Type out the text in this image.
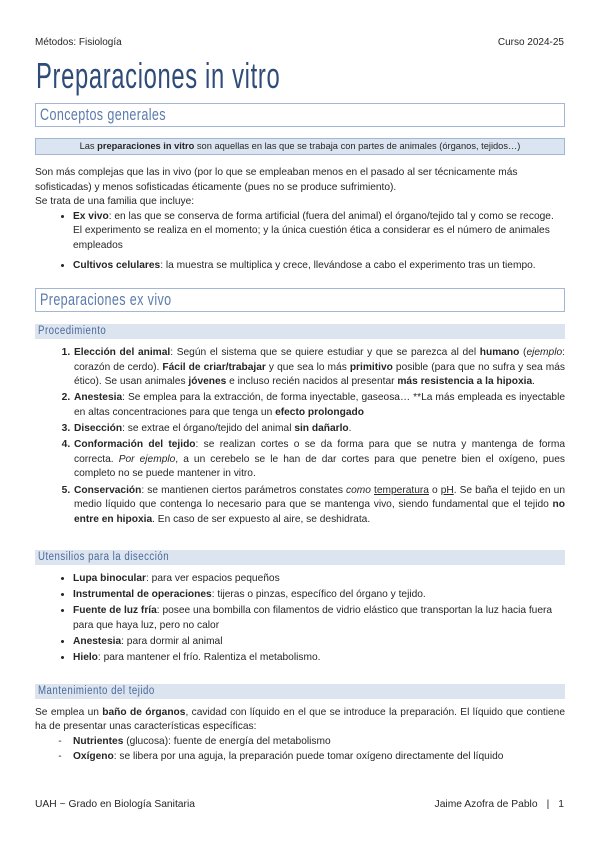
Métodos: Fisiología	Curso 2024-25
Preparaciones in vitro
Conceptos generales
Las preparaciones in vitro son aquellas en las que se trabaja con partes de animales (órganos, tejidos…)

Son más complejas que las in vivo (por lo que se empleaban menos en el pasado al ser técnicamente más sofisticadas) y menos sofisticadas éticamente (pues no se produce sufrimiento).

Se trata de una familia que incluye:

• Ex vivo: en las que se conserva de forma artificial (fuera del animal) el órgano/tejido tal y como se recoge. El experimento se realiza en el momento; y la única cuestión ética a considerar es el número de animales empleados
• Cultivos celulares: la muestra se multiplica y crece, llevándose a cabo el experimento tras un tiempo.
Preparaciones ex vivo
Procedimiento
1. Elección del animal: Según el sistema que se quiere estudiar y que se parezca al del humano (ejemplo: corazón de cerdo). Fácil de criar/trabajar y que sea lo más primitivo posible (para que no sufra y sea más ético). Se usan animales jóvenes e incluso recién nacidos al presentar más resistencia a la hipoxia.
2. Anestesia: Se emplea para la extracción, de forma inyectable, gaseosa… **La más empleada es inyectable en altas concentraciones para que tenga un efecto prolongado
3. Disección: se extrae el órgano/tejido del animal sin dañarlo.
4. Conformación del tejido: se realizan cortes o se da forma para que se nutra y mantenga de forma correcta. Por ejemplo, a un cerebelo se le han de dar cortes para que penetre bien el oxígeno, pues completo no se puede mantener in vitro.
5. Conservación: se mantienen ciertos parámetros constates como temperatura o pH. Se baña el tejido en un medio líquido que contenga lo necesario para que se mantenga vivo, siendo fundamental que el tejido no entre en hipoxia. En caso de ser expuesto al aire, se deshidrata.
Utensilios para la disección
• Lupa binocular: para ver espacios pequeños
• Instrumental de operaciones: tijeras o pinzas, específico del órgano y tejido.
• Fuente de luz fría: posee una bombilla con filamentos de vidrio elástico que transportan la luz hacia fuera para que haya luz, pero no calor
• Anestesia: para dormir al animal
• Hielo: para mantener el frío. Ralentiza el metabolismo.
Mantenimiento del tejido

Se emplea un baño de órganos, cavidad con líquido en el que se introduce la preparación. El líquido que contiene ha de presentar unas características específicas:

- Nutrientes (glucosa): fuente de energía del metabolismo
- Oxígeno: se libera por una aguja, la preparación puede tomar oxígeno directamente del líquido
UAH ~ Grado en Biología Sanitaria	Jaime Azofra de Pablo | 1
